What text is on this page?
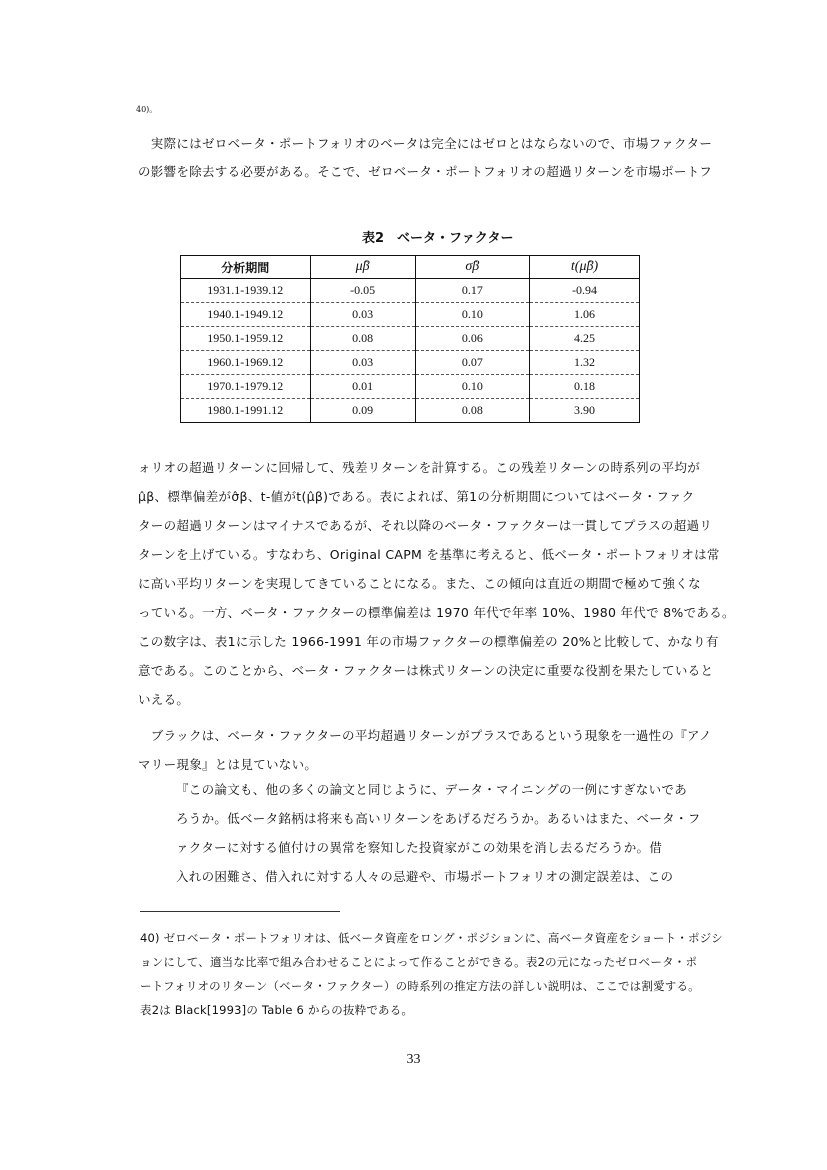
40)。
　実際にはゼロベータ・ポートフォリオのベータは完全にはゼロとはならないので、市場ファクター
の影響を除去する必要がある。そこで、ゼロベータ・ポートフォリオの超過リターンを市場ポートフ
表2　ベータ・ファクター
分析期間	μ̂β	σ̂β	t(μ̂β)
1931.1-1939.12	-0.05	0.17	-0.94
1940.1-1949.12	0.03	0.10	1.06
1950.1-1959.12	0.08	0.06	4.25
1960.1-1969.12	0.03	0.07	1.32
1970.1-1979.12	0.01	0.10	0.18
1980.1-1991.12	0.09	0.08	3.90
ォリオの超過リターンに回帰して、残差リターンを計算する。この残差リターンの時系列の平均が
μ̂β、標準偏差がσ̂β、t-値がt(μ̂β)である。表によれば、第1の分析期間についてはベータ・ファク
ターの超過リターンはマイナスであるが、それ以降のベータ・ファクターは一貫してプラスの超過リ
ターンを上げている。すなわち、Original CAPM を基準に考えると、低ベータ・ポートフォリオは常
に高い平均リターンを実現してきていることになる。また、この傾向は直近の期間で極めて強くな
っている。一方、ベータ・ファクターの標準偏差は 1970 年代で年率 10%、1980 年代で 8%である。
この数字は、表1に示した 1966-1991 年の市場ファクターの標準偏差の 20%と比較して、かなり有
意である。このことから、ベータ・ファクターは株式リターンの決定に重要な役割を果たしていると
いえる。
　ブラックは、ベータ・ファクターの平均超過リターンがプラスであるという現象を一過性の『アノ
マリー現象』とは見ていない。
『この論文も、他の多くの論文と同じように、データ・マイニングの一例にすぎないであ
ろうか。低ベータ銘柄は将来も高いリターンをあげるだろうか。あるいはまた、ベータ・フ
ァクターに対する値付けの異常を察知した投資家がこの効果を消し去るだろうか。借
入れの困難さ、借入れに対する人々の忌避や、市場ポートフォリオの測定誤差は、この
40) ゼロベータ・ポートフォリオは、低ベータ資産をロング・ポジションに、高ベータ資産をショート・ポジシ
ョンにして、適当な比率で組み合わせることによって作ることができる。表2の元になったゼロベータ・ポ
ートフォリオのリターン（ベータ・ファクター）の時系列の推定方法の詳しい説明は、ここでは割愛する。
表2は Black[1993]の Table 6 からの抜粋である。
33
